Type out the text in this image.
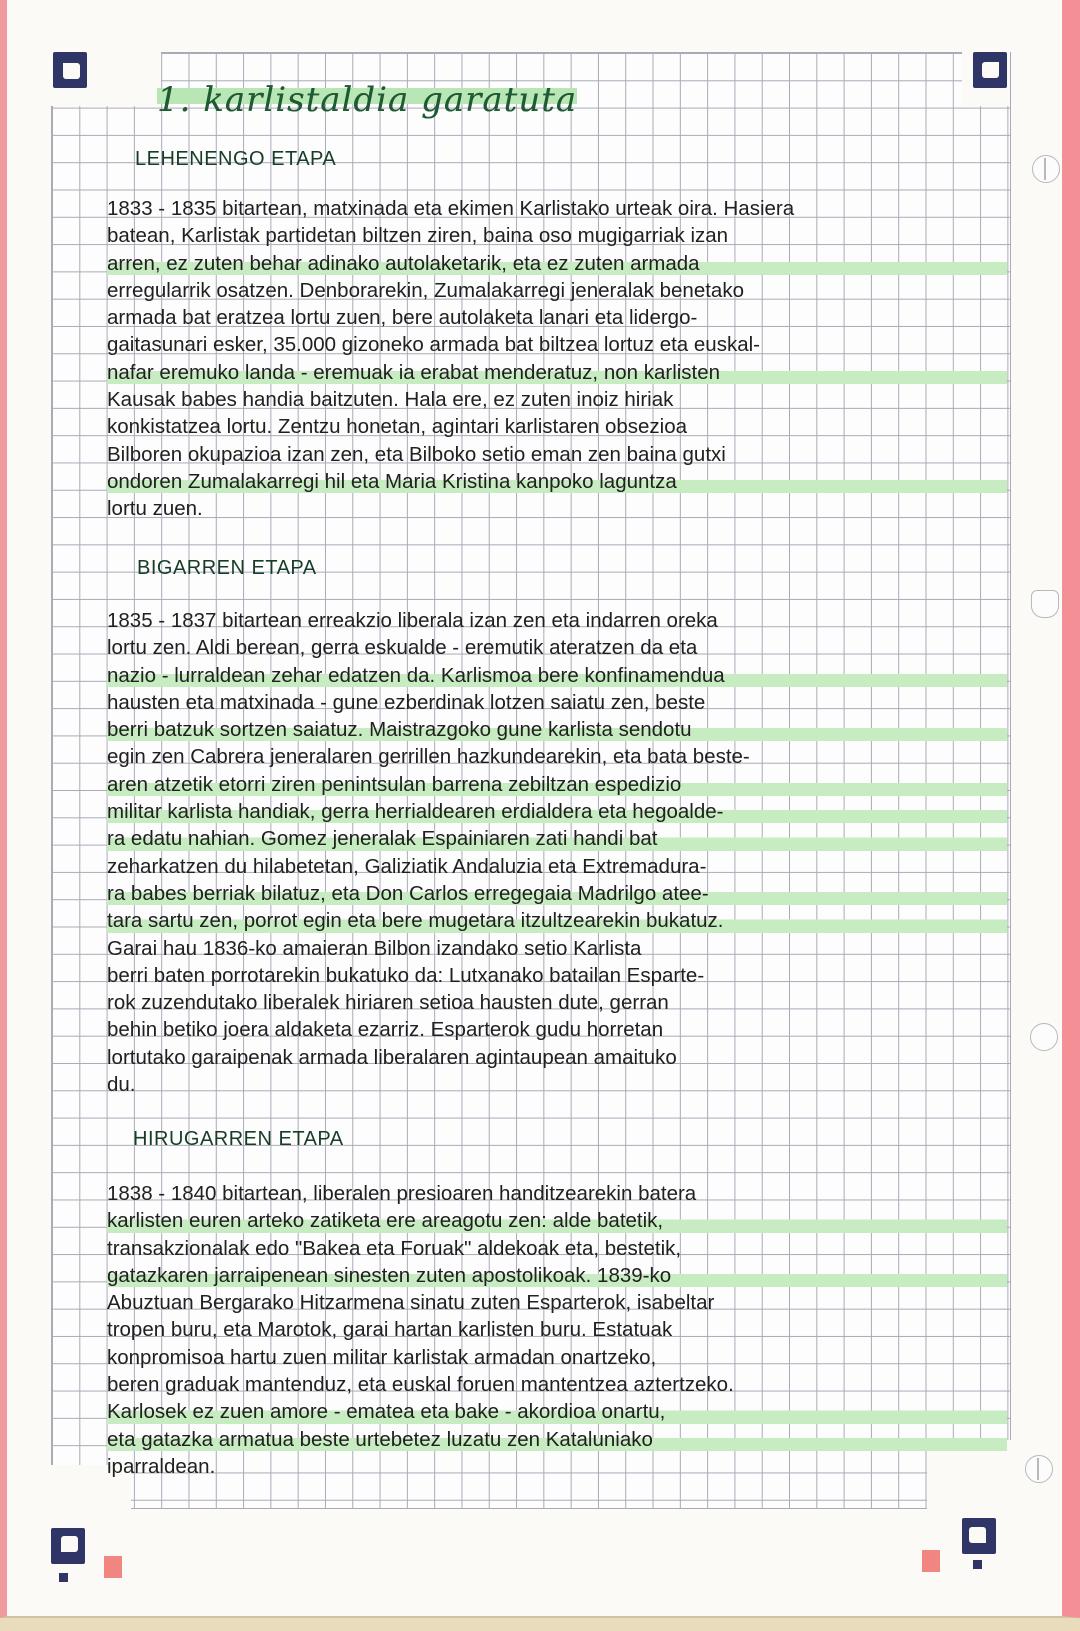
1. karlistaldia garatuta
LEHENENGO ETAPA
1833 - 1835 bitartean, matxinada eta ekimen Karlistako urteak oira. Hasiera
batean, Karlistak partidetan biltzen ziren, baina oso mugigarriak izan
arren, ez zuten behar adinako autolaketarik, eta ez zuten armada
erregularrik osatzen. Denborarekin, Zumalakarregi jeneralak benetako
armada bat eratzea lortu zuen, bere autolaketa lanari eta lidergo-
gaitasunari esker, 35.000 gizoneko armada bat biltzea lortuz eta euskal-
nafar eremuko landa - eremuak ia erabat menderatuz, non karlisten
Kausak babes handia baitzuten. Hala ere, ez zuten inoiz hiriak
konkistatzea lortu. Zentzu honetan, agintari karlistaren obsezioa
Bilboren okupazioa izan zen, eta Bilboko setio eman zen baina gutxi
ondoren Zumalakarregi hil eta Maria Kristina kanpoko laguntza
lortu zuen.
BIGARREN ETAPA
1835 - 1837 bitartean erreakzio liberala izan zen eta indarren oreka
lortu zen. Aldi berean, gerra eskualde - eremutik ateratzen da eta
nazio - lurraldean zehar edatzen da. Karlismoa bere konfinamendua
hausten eta matxinada - gune ezberdinak lotzen saiatu zen, beste
berri batzuk sortzen saiatuz. Maistrazgoko gune karlista sendotu
egin zen Cabrera jeneralaren gerrillen hazkundearekin, eta bata beste-
aren atzetik etorri ziren penintsulan barrena zebiltzan espedizio
militar karlista handiak, gerra herrialdearen erdialdera eta hegoalde-
ra edatu nahian. Gomez jeneralak Espainiaren zati handi bat
zeharkatzen du hilabetetan, Galiziatik Andaluzia eta Extremadura-
ra babes berriak bilatuz, eta Don Carlos erregegaia Madrilgo atee-
tara sartu zen, porrot egin eta bere mugetara itzultzearekin bukatuz.
Garai hau 1836-ko amaieran Bilbon izandako setio Karlista
berri baten porrotarekin bukatuko da: Lutxanako batailan Esparte-
rok zuzendutako liberalek hiriaren setioa hausten dute, gerran
behin betiko joera aldaketa ezarriz. Esparterok gudu horretan
lortutako garaipenak armada liberalaren agintaupean amaituko
du.
HIRUGARREN ETAPA
1838 - 1840 bitartean, liberalen presioaren handitzearekin batera
karlisten euren arteko zatiketa ere areagotu zen: alde batetik,
transakzionalak edo "Bakea eta Foruak" aldekoak eta, bestetik,
gatazkaren jarraipenean sinesten zuten apostolikoak. 1839-ko
Abuztuan Bergarako Hitzarmena sinatu zuten Esparterok, isabeltar
tropen buru, eta Marotok, garai hartan karlisten buru. Estatuak
konpromisoa hartu zuen militar karlistak armadan onartzeko,
beren graduak mantenduz, eta euskal foruen mantentzea aztertzeko.
Karlosek ez zuen amore - ematea eta bake - akordioa onartu,
eta gatazka armatua beste urtebetez luzatu zen Kataluniako
iparraldean.
